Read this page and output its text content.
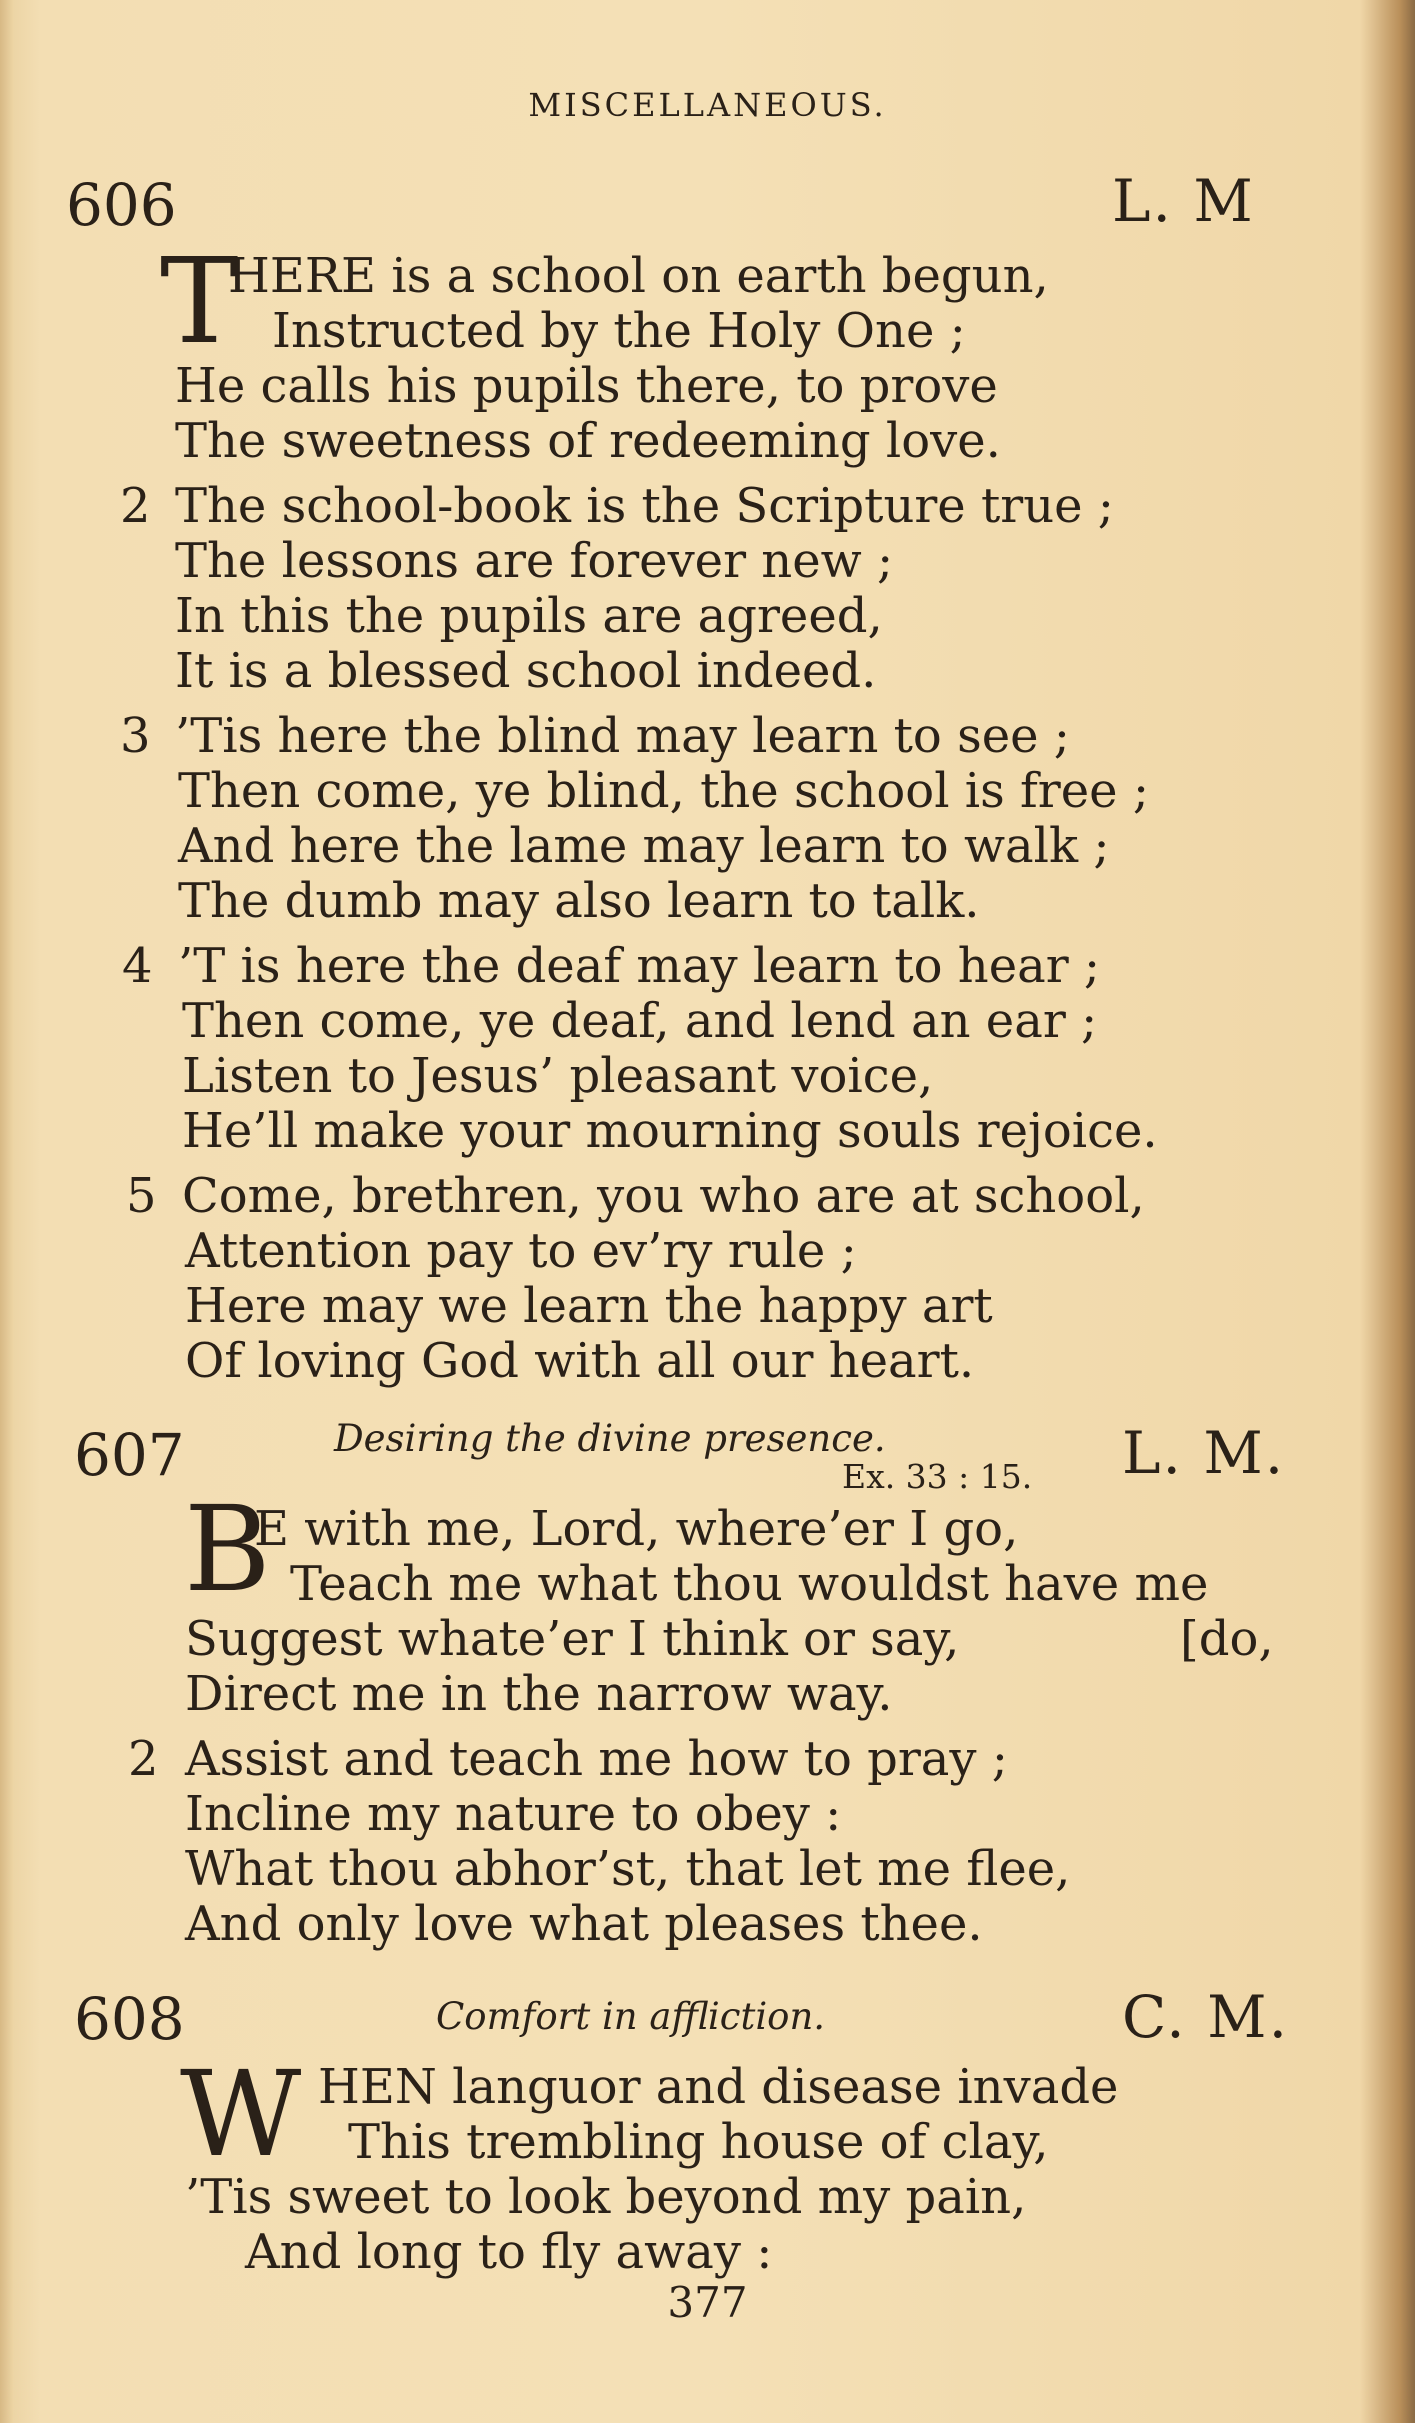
MISCELLANEOUS.
606	L. M
T
HERE is a school on earth begun,
Instructed by the Holy One ;
He calls his pupils there, to prove
The sweetness of redeeming love.
2 The school-book is the Scripture true ;
The lessons are forever new ;
In this the pupils are agreed,
It is a blessed school indeed.
3 ’Tis here the blind may learn to see ;
Then come, ye blind, the school is free ;
And here the lame may learn to walk ;
The dumb may also learn to talk.
4 ’T is here the deaf may learn to hear ;
Then come, ye deaf, and lend an ear ;
Listen to Jesus’ pleasant voice,
He’ll make your mourning souls rejoice.
5 Come, brethren, you who are at school,
Attention pay to ev’ry rule ;
Here may we learn the happy art
Of loving God with all our heart.
607	Desiring the divine presence.
Ex. 33 : 15. L. M.
B
E with me, Lord, where’er I go,
Teach me what thou wouldst have me
Suggest whate’er I think or say,	[do,
Direct me in the narrow way.
2 Assist and teach me how to pray ;
Incline my nature to obey :
What thou abhor’st, that let me flee,
And only love what pleases thee.
608	Comfort in affliction.	C. M.
W HEN languor and disease invade
This trembling house of clay,
’Tis sweet to look beyond my pain,
And long to fly away :
377
